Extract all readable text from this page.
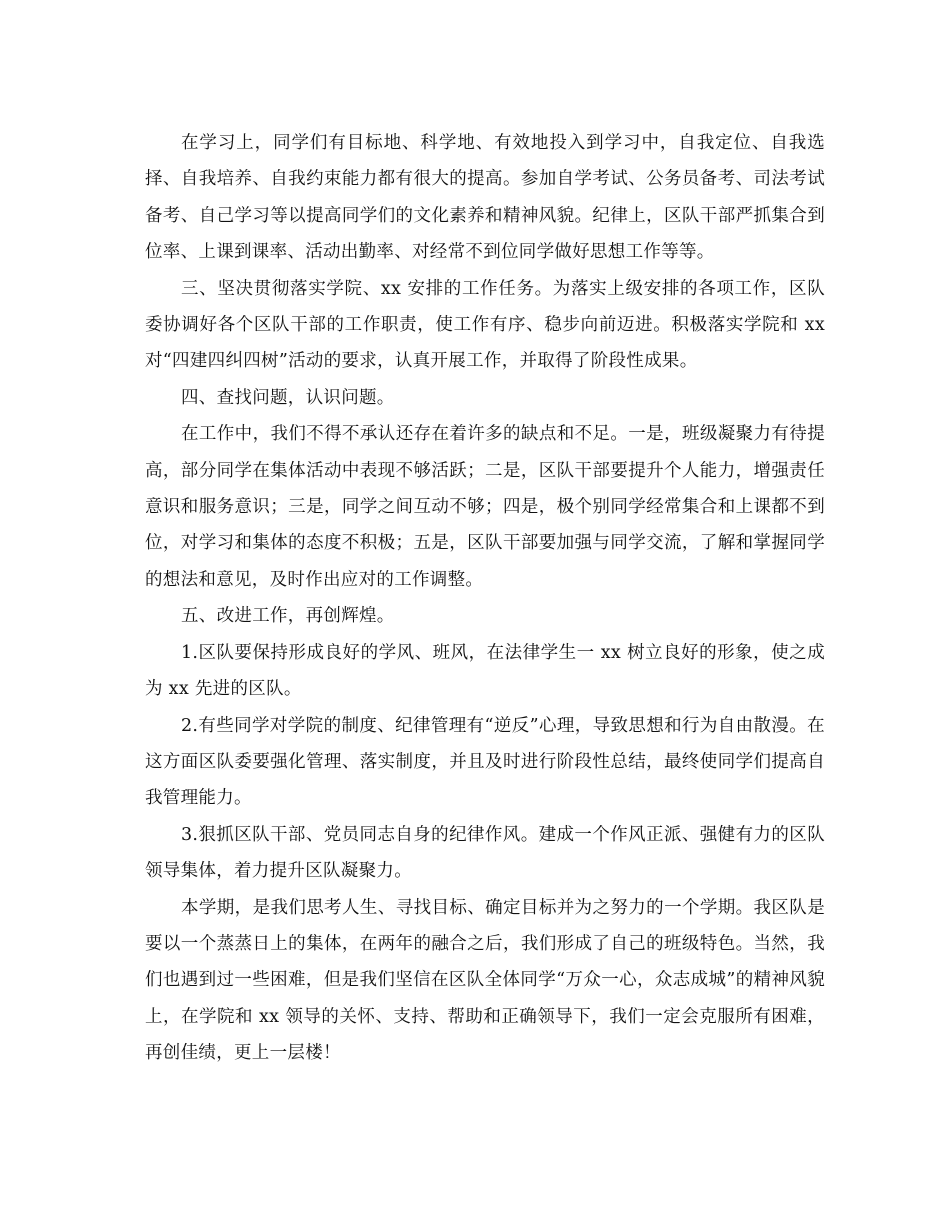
在学习上，同学们有目标地、科学地、有效地投入到学习中，自我定位、自我选择、自我培养、自我约束能力都有很大的提高。参加自学考试、公务员备考、司法考试备考、自己学习等以提高同学们的文化素养和精神风貌。纪律上，区队干部严抓集合到位率、上课到课率、活动出勤率、对经常不到位同学做好思想工作等等。

三、坚决贯彻落实学院、xx 安排的工作任务。为落实上级安排的各项工作，区队委协调好各个区队干部的工作职责，使工作有序、稳步向前迈进。积极落实学院和 xx 对“四建四纠四树”活动的要求，认真开展工作，并取得了阶段性成果。

四、查找问题，认识问题。

在工作中，我们不得不承认还存在着许多的缺点和不足。一是，班级凝聚力有待提高，部分同学在集体活动中表现不够活跃；二是，区队干部要提升个人能力，增强责任意识和服务意识；三是，同学之间互动不够；四是，极个别同学经常集合和上课都不到位，对学习和集体的态度不积极；五是，区队干部要加强与同学交流，了解和掌握同学的想法和意见，及时作出应对的工作调整。

五、改进工作，再创辉煌。

1.区队要保持形成良好的学风、班风，在法律学生一 xx 树立良好的形象，使之成为 xx 先进的区队。

2.有些同学对学院的制度、纪律管理有“逆反”心理，导致思想和行为自由散漫。在这方面区队委要强化管理、落实制度，并且及时进行阶段性总结，最终使同学们提高自我管理能力。

3.狠抓区队干部、党员同志自身的纪律作风。建成一个作风正派、强健有力的区队领导集体，着力提升区队凝聚力。

本学期，是我们思考人生、寻找目标、确定目标并为之努力的一个学期。我区队是要以一个蒸蒸日上的集体，在两年的融合之后，我们形成了自己的班级特色。当然，我们也遇到过一些困难，但是我们坚信在区队全体同学“万众一心，众志成城”的精神风貌上，在学院和 xx 领导的关怀、支持、帮助和正确领导下，我们一定会克服所有困难，再创佳绩，更上一层楼！
